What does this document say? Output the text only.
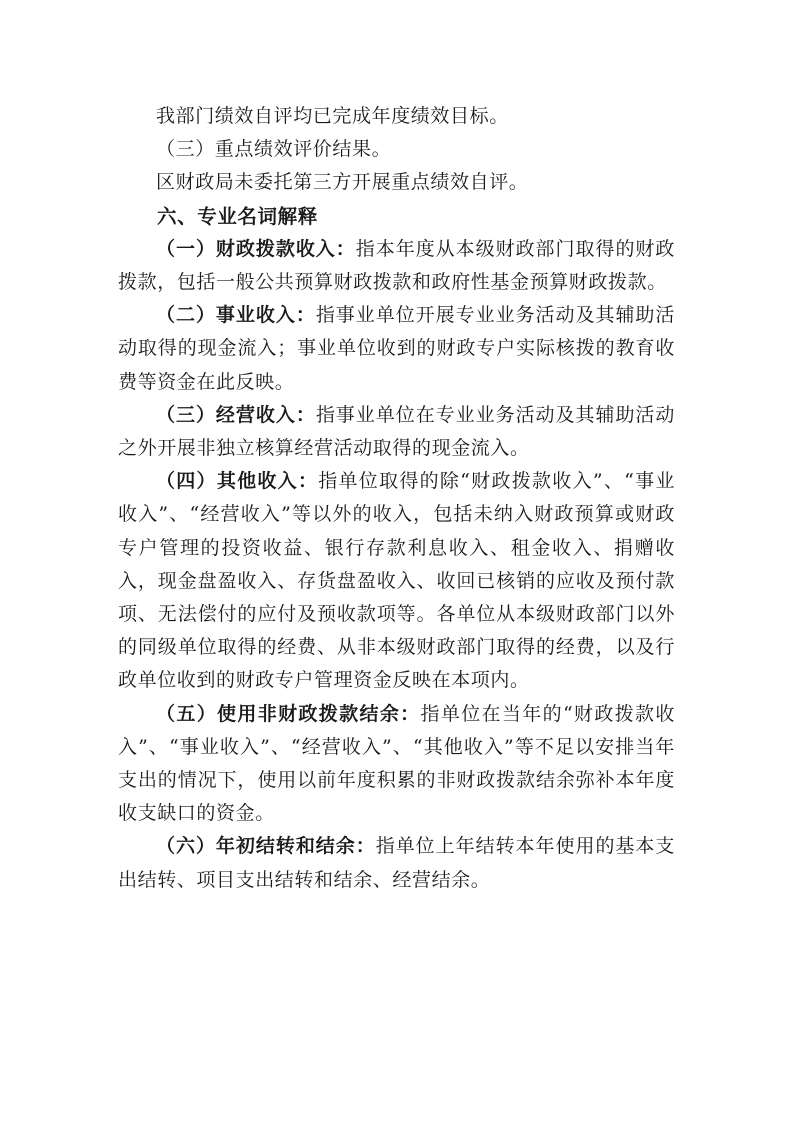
我部门绩效自评均已完成年度绩效目标。

（三）重点绩效评价结果。

区财政局未委托第三方开展重点绩效自评。

六、专业名词解释

（一）财政拨款收入：指本年度从本级财政部门取得的财政拨款，包括一般公共预算财政拨款和政府性基金预算财政拨款。

（二）事业收入：指事业单位开展专业业务活动及其辅助活动取得的现金流入；事业单位收到的财政专户实际核拨的教育收费等资金在此反映。

（三）经营收入：指事业单位在专业业务活动及其辅助活动之外开展非独立核算经营活动取得的现金流入。

（四）其他收入：指单位取得的除“财政拨款收入”、“事业收入”、“经营收入”等以外的收入，包括未纳入财政预算或财政专户管理的投资收益、银行存款利息收入、租金收入、捐赠收入，现金盘盈收入、存货盘盈收入、收回已核销的应收及预付款项、无法偿付的应付及预收款项等。各单位从本级财政部门以外的同级单位取得的经费、从非本级财政部门取得的经费，以及行政单位收到的财政专户管理资金反映在本项内。

（五）使用非财政拨款结余：指单位在当年的“财政拨款收入”、“事业收入”、“经营收入”、“其他收入”等不足以安排当年支出的情况下，使用以前年度积累的非财政拨款结余弥补本年度收支缺口的资金。

（六）年初结转和结余：指单位上年结转本年使用的基本支出结转、项目支出结转和结余、经营结余。
